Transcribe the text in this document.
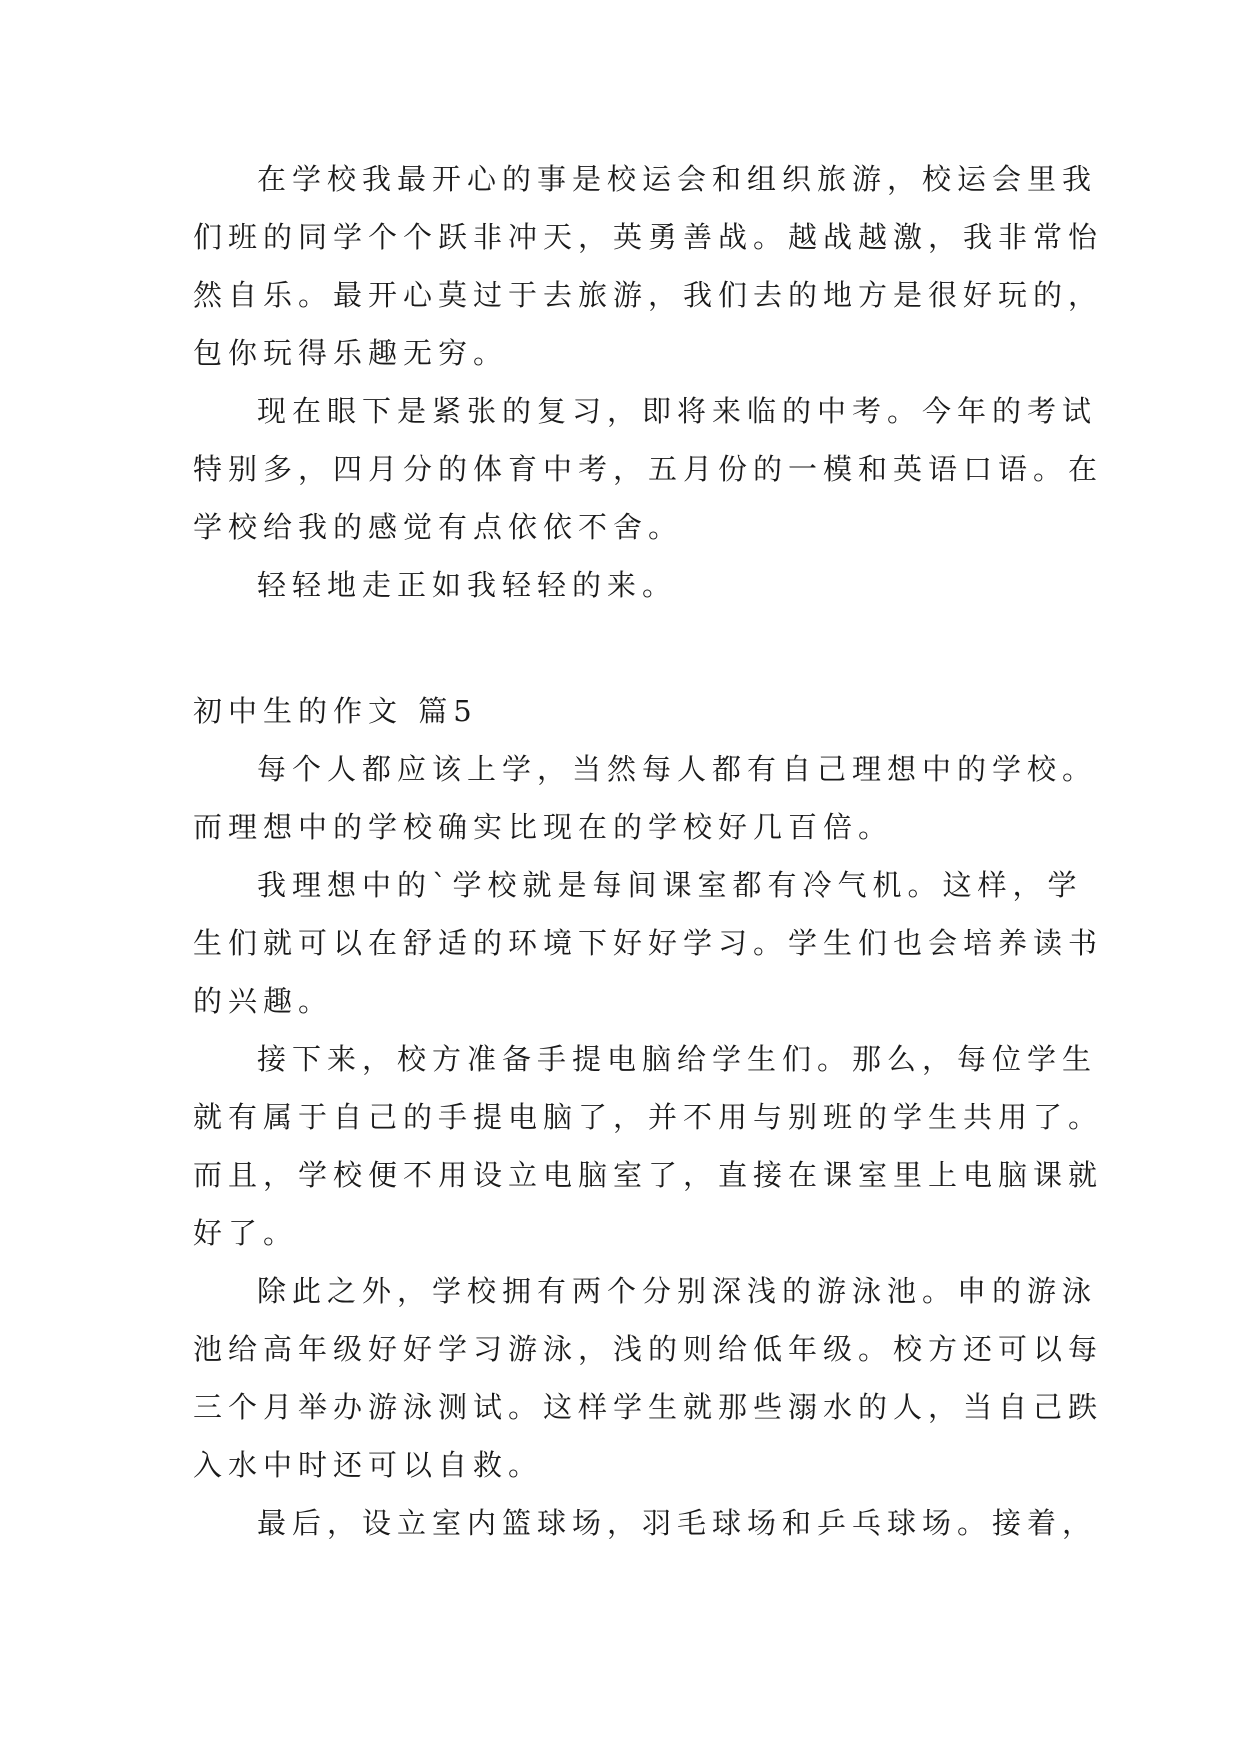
在学校我最开心的事是校运会和组织旅游，校运会里我
们班的同学个个跃非冲天，英勇善战。越战越激，我非常怡
然自乐。最开心莫过于去旅游，我们去的地方是很好玩的，
包你玩得乐趣无穷。
现在眼下是紧张的复习，即将来临的中考。今年的考试
特别多，四月分的体育中考，五月份的一模和英语口语。在
学校给我的感觉有点依依不舍。
轻轻地走正如我轻轻的来。
初中生的作文 篇5
每个人都应该上学，当然每人都有自己理想中的学校。
而理想中的学校确实比现在的学校好几百倍。
我理想中的`学校就是每间课室都有冷气机。这样，学
生们就可以在舒适的环境下好好学习。学生们也会培养读书
的兴趣。
接下来，校方准备手提电脑给学生们。那么，每位学生
就有属于自己的手提电脑了，并不用与别班的学生共用了。
而且，学校便不用设立电脑室了，直接在课室里上电脑课就
好了。
除此之外，学校拥有两个分别深浅的游泳池。申的游泳
池给高年级好好学习游泳，浅的则给低年级。校方还可以每
三个月举办游泳测试。这样学生就那些溺水的人，当自己跌
入水中时还可以自救。
最后，设立室内篮球场，羽毛球场和乒乓球场。接着，
